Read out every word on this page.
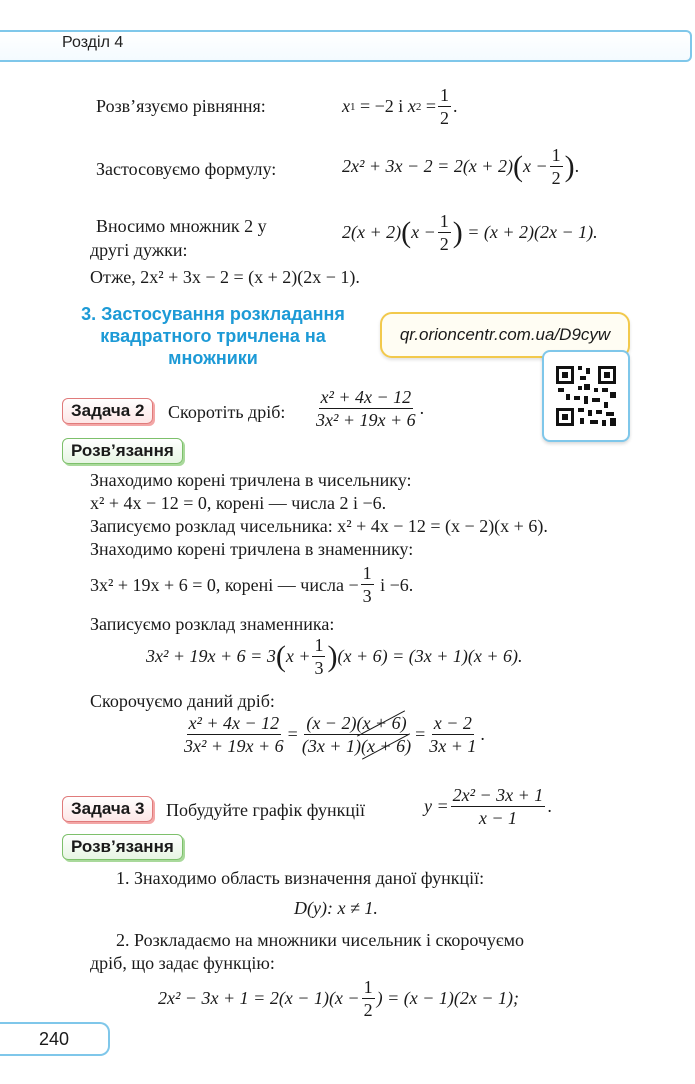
Розділ 4
Розв’язуємо рівняння:	x 1
= −2 і
x 2
= $\frac{1}{2}$ .
Застосовуємо формулу:	2x² + 3x − 2 = 2(x + 2) ( $x - \frac{1}{2}$ ) .
Вносимо множник 2 у
другі дужки:
2(x + 2) ( $x - \frac{1}{2}$ )
= (x + 2)(2x − 1).
Отже, 2x² + 3x − 2 = (x + 2)(2x − 1).
3. Застосування розкладання квадратного тричлена на множники
qr.orioncentr.com.ua/D9cyw
Задача 2	Скоротіть дріб: $\frac{\text{x² + 4x − 12}}{\text{3x² + 19x + 6}}$ .
Розв’язання
Знаходимо корені тричлена в чисельнику:
x² + 4x − 12 = 0, корені — числа 2 і −6.
Записуємо розклад чисельника: x² + 4x − 12 = (x − 2)(x + 6).
Знаходимо корені тричлена в знаменнику:
3x² + 19x + 6 = 0, корені — числа − $\frac{1}{3}$
і −6.
Записуємо розклад знаменника:
3x² + 19x + 6 = 3 ( $x + \frac{1}{3}$ ) (x + 6) = (3x + 1)(x + 6).
Скорочуємо даний дріб:
$\frac{\text{x² + 4x − 12}}{\text{3x² + 19x + 6}} = \frac{(x - 2)(x + 6)}{(3x + 1)(x + 6)} = \frac{x - 2}{3x + 1}$ .
Задача 3	Побудуйте графік функції	$y = \frac{\text{2x² − 3x + 1}}{x - 1}$ .
Розв’язання
1. Знаходимо область визначення даної функції:
D(y): x ≠ 1.
2. Розкладаємо на множники чисельник і скорочуємо
дріб, що задає функцію:
$2x^2 - 3x + 1 = 2(x - 1)(x - \frac{1}{2}$ ) = (x − 1)(2x − 1);
240
